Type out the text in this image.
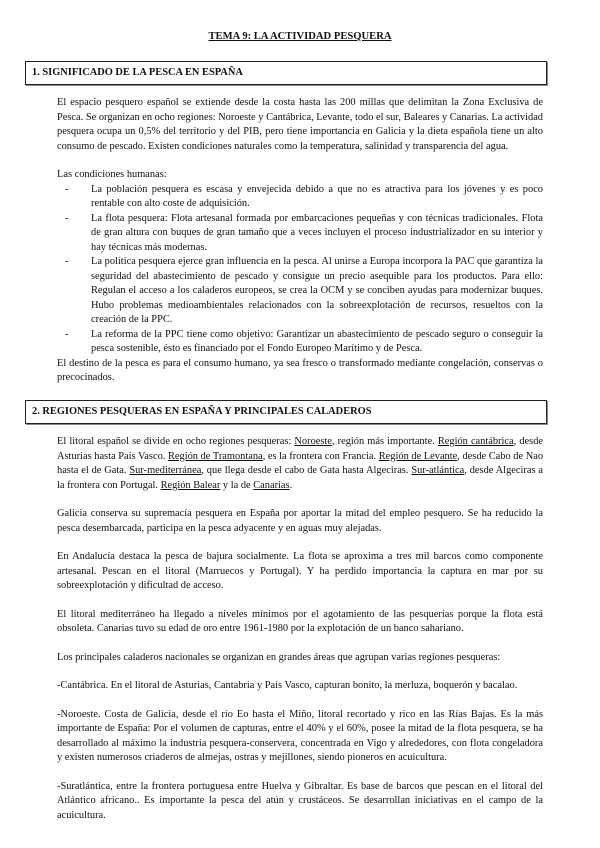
TEMA 9: LA ACTIVIDAD PESQUERA

1. SIGNIFICADO DE LA PESCA EN ESPAÑA

El espacio pesquero español se extiende desde la costa hasta las 200 millas que delimitan la Zona Exclusiva de Pesca. Se organizan en ocho regiones: Noroeste y Cantábrica, Levante, todo el sur, Baleares y Canarias. La actividad pesquera ocupa un 0,5% del territorio y del PIB, pero tiene importancia en Galicia y la dieta española tiene un alto consumo de pescado. Existen condiciones naturales como la temperatura, salinidad y transparencia del agua.

Las condiciones humanas:

- La población pesquera es escasa y envejecida debido a que no es atractiva para los jóvenes y es poco rentable con alto coste de adquisición.
- La flota pesquera: Flota artesanal formada por embarcaciones pequeñas y con técnicas tradicionales. Flota de gran altura con buques de gran tamaño que a veces incluyen el proceso industrializador en su interior y hay técnicas más modernas.
- La política pesquera ejerce gran influencia en la pesca. Al unirse a Europa incorpora la PAC que garantiza la seguridad del abastecimiento de pescado y consigue un precio asequible para los productos. Para ello: Regulan el acceso a los caladeros europeos, se crea la OCM y se conciben ayudas para modernizar buques. Hubo problemas medioambientales relacionados con la sobreexplotación de recursos, resueltos con la creación de la PPC.
- La reforma de la PPC tiene como objetivo: Garantizar un abastecimiento de pescado seguro o conseguir la pesca sostenible, ésto es financiado por el Fondo Europeo Marítimo y de Pesca.

El destino de la pesca es para el consumo humano, ya sea fresco o transformado mediante congelación, conservas o precocinados.

2. REGIONES PESQUERAS EN ESPAÑA Y PRINCIPALES CALADEROS

El litoral español se divide en ocho regiones pesqueras: Noroeste, región más importante. Región cantábrica, desde Asturias hasta País Vasco. Región de Tramontana, es la frontera con Francia. Región de Levante, desde Cabo de Nao hasta el de Gata. Sur-mediterránea, que llega desde el cabo de Gata hasta Algeciras. Sur-atlántica, desde Algeciras a la frontera con Portugal. Región Balear y la de Canarias.

Galicia conserva su supremacía pesquera en España por aportar la mitad del empleo pesquero. Se ha reducido la pesca desembarcada, participa en la pesca adyacente y en aguas muy alejadas.

En Andalucía destaca la pesca de bajura socialmente. La flota se aproxima a tres mil barcos como componente artesanal. Pescan en el litoral (Marruecos y Portugal). Y ha perdido importancia la captura en mar por su sobreexplotación y dificultad de acceso.

El litoral mediterráneo ha llegado a niveles mínimos por el agotamiento de las pesquerías porque la flota está obsoleta. Canarias tuvo su edad de oro entre 1961-1980 por la explotación de un banco sahariano.

Los principales caladeros nacionales se organizan en grandes áreas que agrupan varias regiones pesqueras:

-Cantábrica. En el litoral de Asturias, Cantabria y País Vasco, capturan bonito, la merluza, boquerón y bacalao.

-Noroeste. Costa de Galicia, desde el río Eo hasta el Miño, litoral recortado y rico en las Rías Bajas. Es la más importante de España: Por el volumen de capturas, entre el 40% y el 60%, posee la mitad de la flota pesquera, se ha desarrollado al máximo la industria pesquera-conservera, concentrada en Vigo y alrededores, con flota congeladora y existen numerosos criaderos de almejas, ostras y mejillones, siendo pioneros en acuicultura.

-Suratlántica, entre la frontera portuguesa entre Huelva y Gibraltar. Es base de barcos que pescan en el litoral del Atlántico africano.. Es importante la pesca del atún y crustáceos. Se desarrollan iniciativas en el campo de la acuicultura.
